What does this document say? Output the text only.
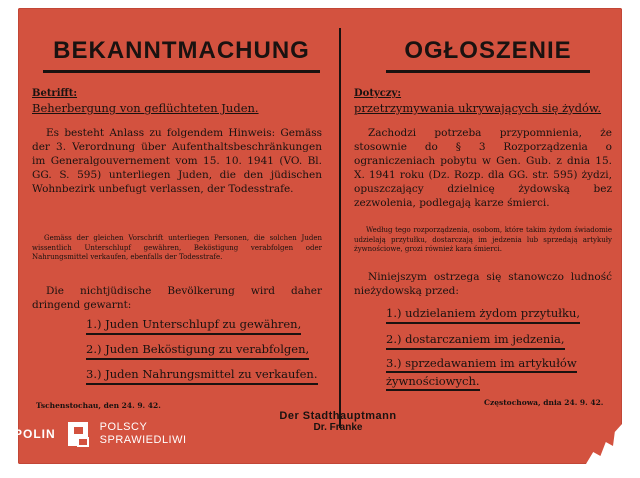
BEKANNTMACHUNG
Betrifft:
Beherbergung von geflüchteten Juden.
Es besteht Anlass zu folgendem Hinweis: Gemäss der 3. Verordnung über Aufenthaltsbeschränkungen im Generalgouvernement vom 15. 10. 1941 (VO. Bl. GG. S. 595) unterliegen Juden, die den jüdischen Wohnbezirk unbefugt verlassen, der Todesstrafe.
Gemäss der gleichen Vorschrift unterliegen Personen, die solchen Juden wissentlich Unterschlupf gewähren, Beköstigung verabfolgen oder Nahrungsmittel verkaufen, ebenfalls der Todesstrafe.
Die nichtjüdische Bevölkerung wird daher dringend gewarnt:
1.) Juden Unterschlupf zu gewähren,
2.) Juden Beköstigung zu verabfolgen,
3.) Juden Nahrungsmittel zu verkaufen.
Tschenstochau, den 24. 9. 42.
OGŁOSZENIE
Dotyczy:
przetrzymywania ukrywających się żydów.
Zachodzi potrzeba przypomnienia, że stosownie do § 3 Rozporządzenia o ograniczeniach pobytu w Gen. Gub. z dnia 15. X. 1941 roku (Dz. Rozp. dla GG. str. 595) żydzi, opuszczający dzielnicę żydowską bez zezwolenia, podlegają karze śmierci.
Według tego rozporządzenia, osobom, które takim żydom świadomie udzielają przytułku, dostarczają im jedzenia lub sprzedają artykuły żywnościowe, grozi również kara śmierci.
Niniejszym ostrzega się stanowczo ludność nieżydowską przed:
1.) udzielaniem żydom przytułku,
2.) dostarczaniem im jedzenia,
3.) sprzedawaniem im artykułów żywnościowych.
Częstochowa, dnia 24. 9. 42.
Der Stadthauptmann
Dr. Franke
POLIN	POLSCY
SPRAWIEDLIWI
